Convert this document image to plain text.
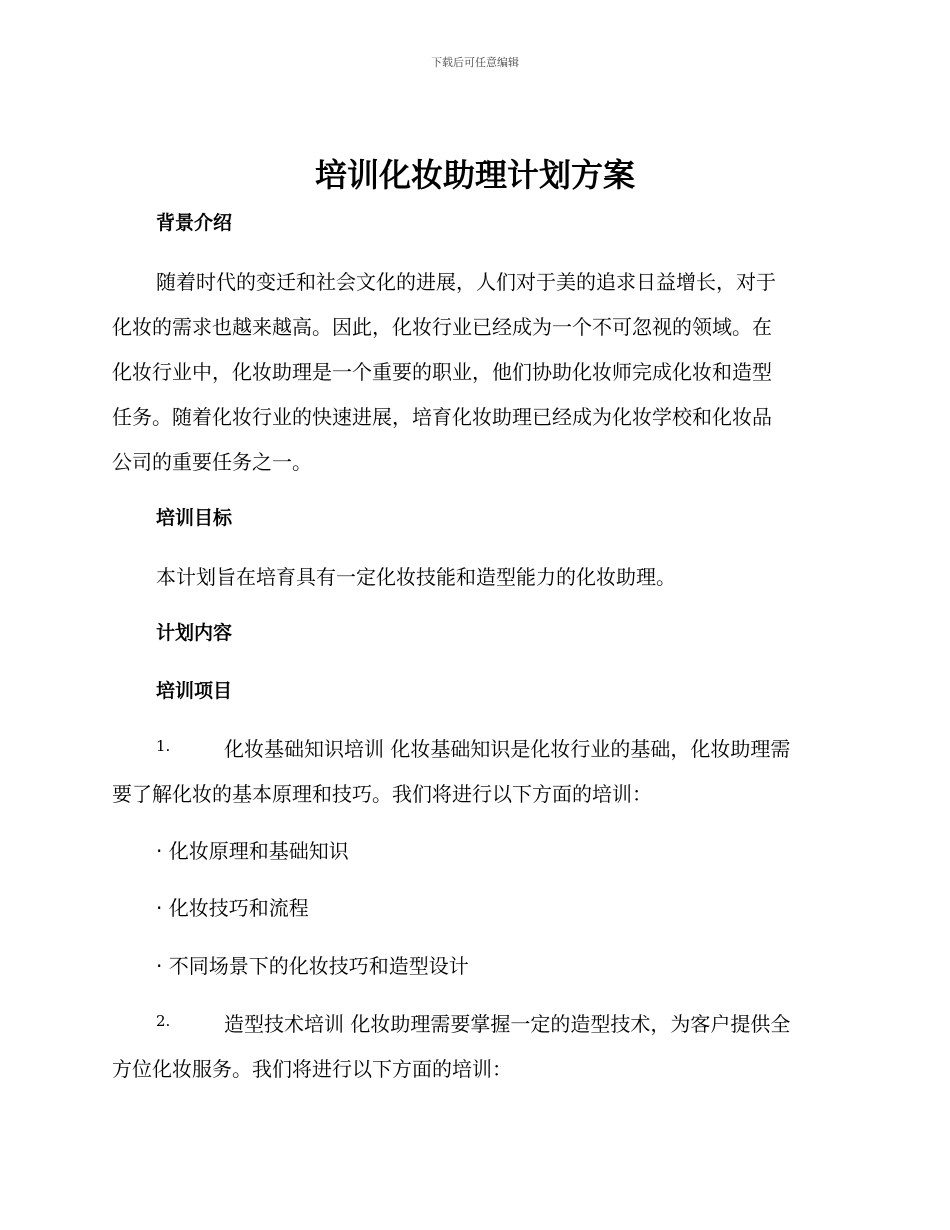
下载后可任意编辑
培训化妆助理计划方案
背景介绍

随着时代的变迁和社会文化的进展，人们对于美的追求日益增长，对于

化妆的需求也越来越高。因此，化妆行业已经成为一个不可忽视的领域。在

化妆行业中，化妆助理是一个重要的职业，他们协助化妆师完成化妆和造型

任务。随着化妆行业的快速进展，培育化妆助理已经成为化妆学校和化妆品

公司的重要任务之一。

培训目标

本计划旨在培育具有一定化妆技能和造型能力的化妆助理。

计划内容
培训项目
1.	化妆基础知识培训 化妆基础知识是化妆行业的基础，化妆助理需

要了解化妆的基本原理和技巧。我们将进行以下方面的培训：

· 化妆原理和基础知识

· 化妆技巧和流程

· 不同场景下的化妆技巧和造型设计

2.	造型技术培训 化妆助理需要掌握一定的造型技术，为客户提供全

方位化妆服务。我们将进行以下方面的培训：
